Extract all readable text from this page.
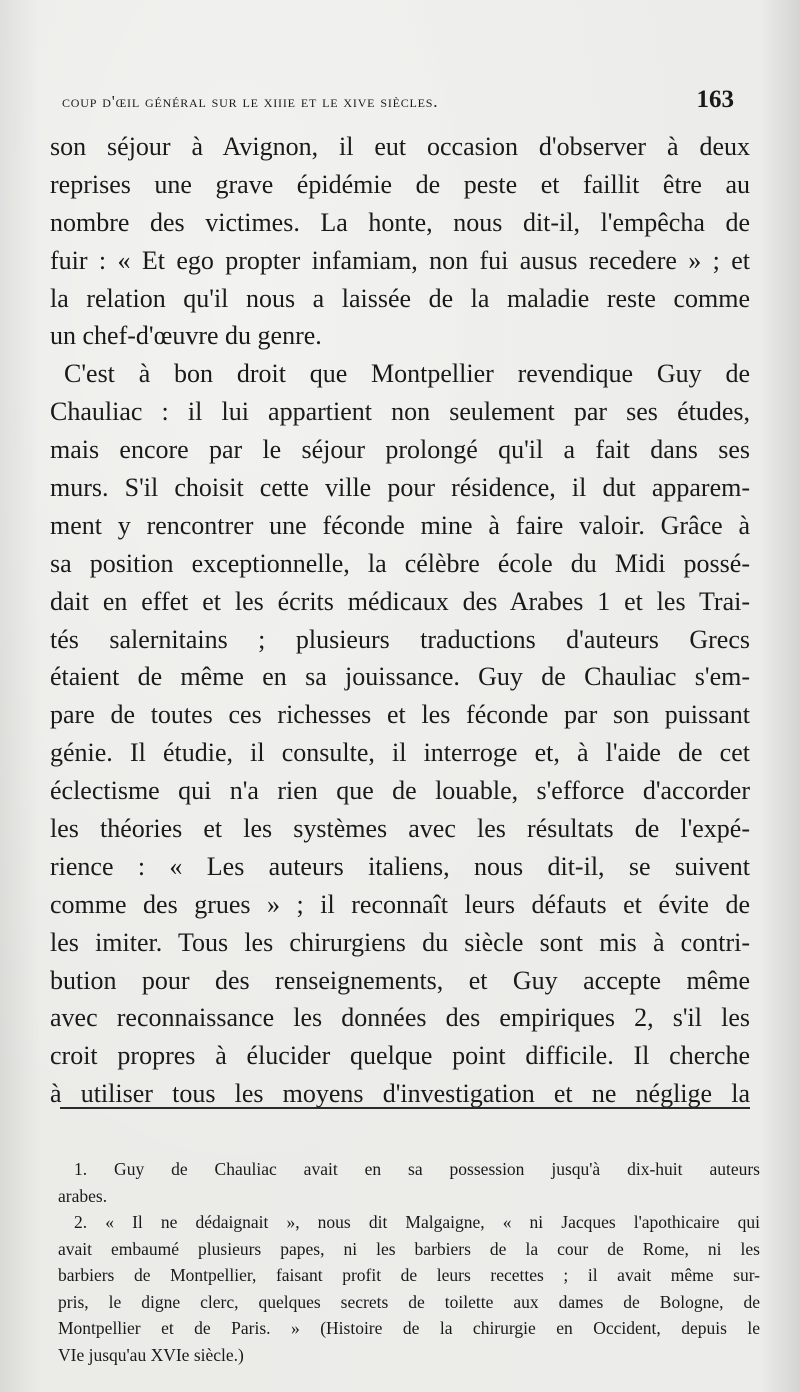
coup d'œil général sur le xiiie et le xive siècles.	163
son séjour à Avignon, il eut occasion d'observer à deux
reprises une grave épidémie de peste et faillit être au
nombre des victimes. La honte, nous dit-il, l'empêcha de
fuir : « Et ego propter infamiam, non fui ausus recedere » ; et
la relation qu'il nous a laissée de la maladie reste comme
un chef-d'œuvre du genre.
C'est à bon droit que Montpellier revendique Guy de
Chauliac : il lui appartient non seulement par ses études,
mais encore par le séjour prolongé qu'il a fait dans ses
murs. S'il choisit cette ville pour résidence, il dut apparem-
ment y rencontrer une féconde mine à faire valoir. Grâce à
sa position exceptionnelle, la célèbre école du Midi possé-
dait en effet et les écrits médicaux des Arabes 1 et les Trai-
tés salernitains ; plusieurs traductions d'auteurs Grecs
étaient de même en sa jouissance. Guy de Chauliac s'em-
pare de toutes ces richesses et les féconde par son puissant
génie. Il étudie, il consulte, il interroge et, à l'aide de cet
éclectisme qui n'a rien que de louable, s'efforce d'accorder
les théories et les systèmes avec les résultats de l'expé-
rience : « Les auteurs italiens, nous dit-il, se suivent
comme des grues » ; il reconnaît leurs défauts et évite de
les imiter. Tous les chirurgiens du siècle sont mis à contri-
bution pour des renseignements, et Guy accepte même
avec reconnaissance les données des empiriques 2, s'il les
croit propres à élucider quelque point difficile. Il cherche
à utiliser tous les moyens d'investigation et ne néglige la
1. Guy de Chauliac avait en sa possession jusqu'à dix-huit auteurs
arabes.
2. « Il ne dédaignait », nous dit Malgaigne, « ni Jacques l'apothicaire qui
avait embaumé plusieurs papes, ni les barbiers de la cour de Rome, ni les
barbiers de Montpellier, faisant profit de leurs recettes ; il avait même sur-
pris, le digne clerc, quelques secrets de toilette aux dames de Bologne, de
Montpellier et de Paris. » (Histoire de la chirurgie en Occident, depuis le
VIe jusqu'au XVIe siècle.)
